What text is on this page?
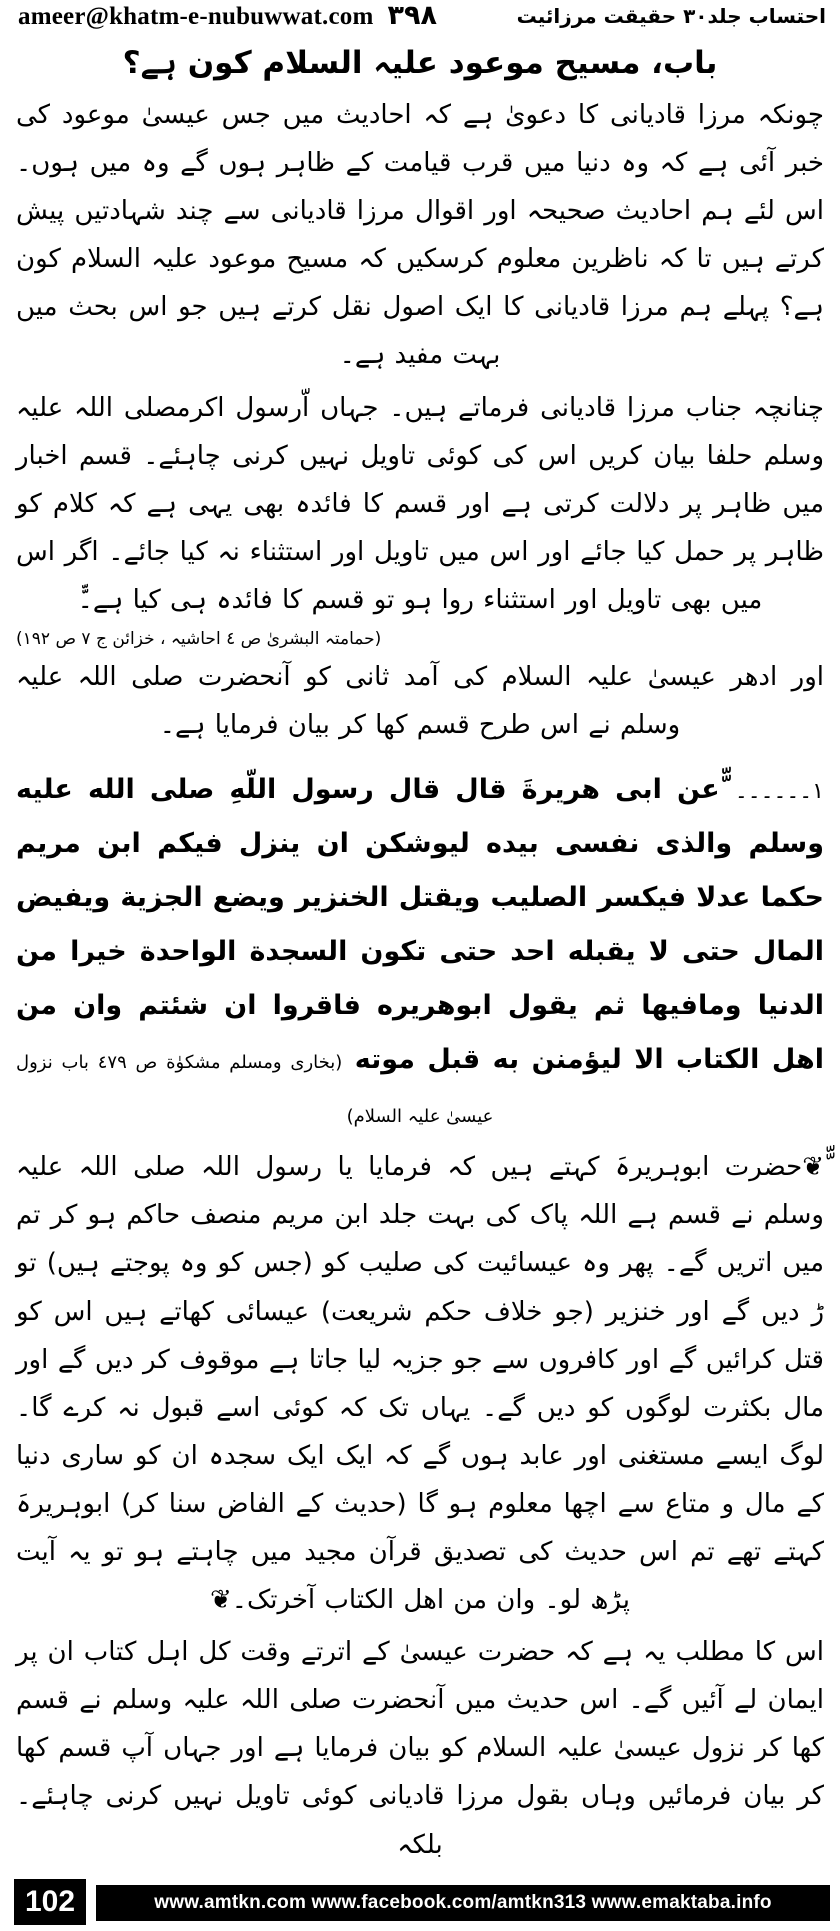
ameer@khatm-e-nubuwwat.com ٣٩٨	احتساب جلد٣٠ حقیقت مرزائیت
باب، مسیح موعود علیہ السلام کون ہے؟

چونکہ مرزا قادیانی کا دعویٰ ہے کہ احادیث میں جس عیسیٰ موعود کی خبر آئی ہے کہ وہ دنیا میں قرب قیامت کے ظاہر ہوں گے وہ میں ہوں۔ اس لئے ہم احادیث صحیحہ اور اقوال مرزا قادیانی سے چند شہادتیں پیش کرتے ہیں تا کہ ناظرین معلوم کرسکیں کہ مسیح موعود علیہ السلام کون ہے؟ پہلے ہم مرزا قادیانی کا ایک اصول نقل کرتے ہیں جو اس بحث میں بہت مفید ہے۔

چنانچہ جناب مرزا قادیانی فرماتے ہیں۔ جہاں اّرسول اکرمصلی اللہ علیہ وسلم حلفا بیان کریں اس کی کوئی تاویل نہیں کرنی چاہئے۔ قسم اخبار میں ظاہر پر دلالت کرتی ہے اور قسم کا فائدہ بھی یہی ہے کہ کلام کو ظاہر پر حمل کیا جائے اور اس میں تاویل اور استثناء نہ کیا جائے۔ اگر اس میں بھی تاویل اور استثناء روا ہو تو قسم کا فائدہ ہی کیا ہے۔ّّ

(حمامتہ البشریٰ ص ٤ احاشیہ ، خزائن ج ٧ ص ١٩٢)

اور ادھر عیسیٰ علیہ السلام کی آمد ثانی کو آنحضرت صلی اللہ علیہ وسلم نے اس طرح قسم کھا کر بیان فرمایا ہے۔

١۔۔۔۔۔۔ ّّعن ابی هریرةَ قال قال رسول اللّهِ صلی الله علیه وسلم والذی نفسی بیده لیوشكن ان ینزل فیكم ابن مریم حكما عدلا فیكسر الصلیب ویقتل الخنزیر ویضع الجزیة ویفیض المال حتی لا یقبله احد حتی تكون السجدة الواحدة خیرا من الدنیا ومافیها ثم یقول ابوهریره فاقروا ان شئتم وان من اهل الكتاب الا لیؤمنن به قبل موته (بخاری ومسلم مشکوٰة ص ٤٧٩ باب نزول عیسیٰ علیہ السلام)

ّّ❦حضرت ابوہریرہَ کہتے ہیں کہ فرمایا یا رسول اللہ صلی اللہ علیہ وسلم نے قسم ہے اللہ پاک کی بہت جلد ابن مریم منصف حاکم ہو کر تم میں اتریں گے۔ پھر وہ عیسائیت کی صلیب کو (جس کو وہ پوجتے ہیں) تو ڑ دیں گے اور خنزیر (جو خلاف حکم شریعت) عیسائی کھاتے ہیں اس کو قتل کرائیں گے اور کافروں سے جو جزیہ لیا جاتا ہے موقوف کر دیں گے اور مال بکثرت لوگوں کو دیں گے۔ یہاں تک کہ کوئی اسے قبول نہ کرے گا۔ لوگ ایسے مستغنی اور عابد ہوں گے کہ ایک ایک سجدہ ان کو ساری دنیا کے مال و متاع سے اچھا معلوم ہو گا (حدیث کے الفاض سنا کر) ابوہریرہَ کہتے تھے تم اس حدیث کی تصدیق قرآن مجید میں چاہتے ہو تو یہ آیت پڑھ لو۔ وان من اهل الكتاب آخرتک۔❦

اس کا مطلب یہ ہے کہ حضرت عیسیٰ کے اترتے وقت کل اہل کتاب ان پر ایمان لے آئیں گے۔ اس حدیث میں آنحضرت صلی اللہ علیہ وسلم نے قسم کھا کر نزول عیسیٰ علیہ السلام کو بیان فرمایا ہے اور جہاں آپ قسم کھا کر بیان فرمائیں وہاں بقول مرزا قادیانی کوئی تاویل نہیں کرنی چاہئے۔ بلکہ

102	www.amtkn.com www.facebook.com/amtkn313 www.emaktaba.info
